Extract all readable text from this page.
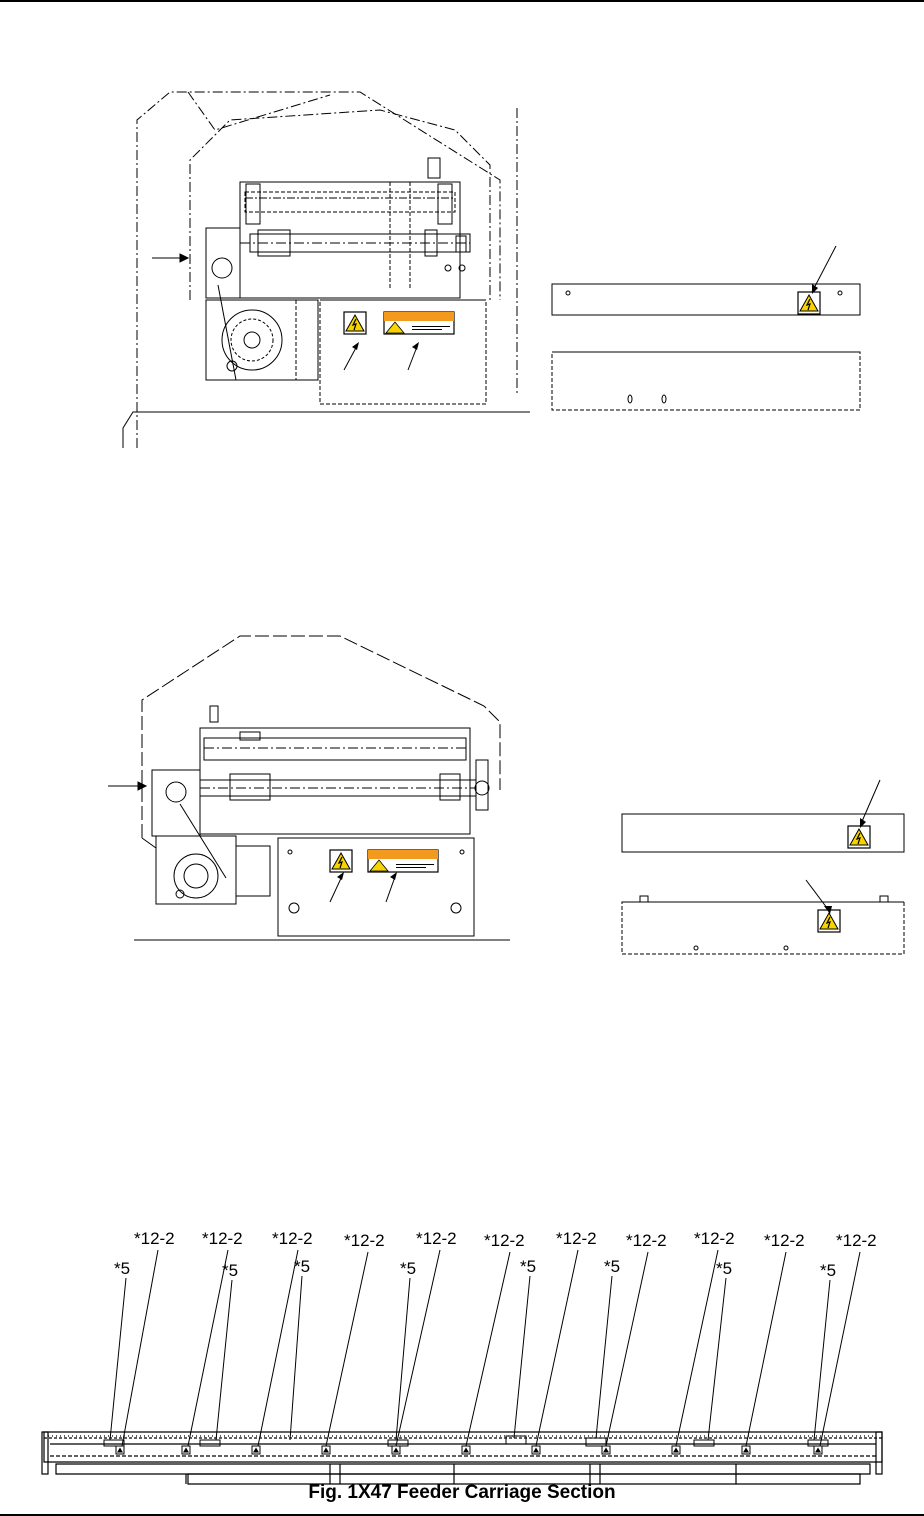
*12-2 *12-2 *12-2 *12-2 *12-2 *12-2 *12-2 *12-2 *12-2 *12-2 *12-2
*5	*5	*5	*5	*5	*5	*5	*5
Fig. 1X47 Feeder Carriage Section
